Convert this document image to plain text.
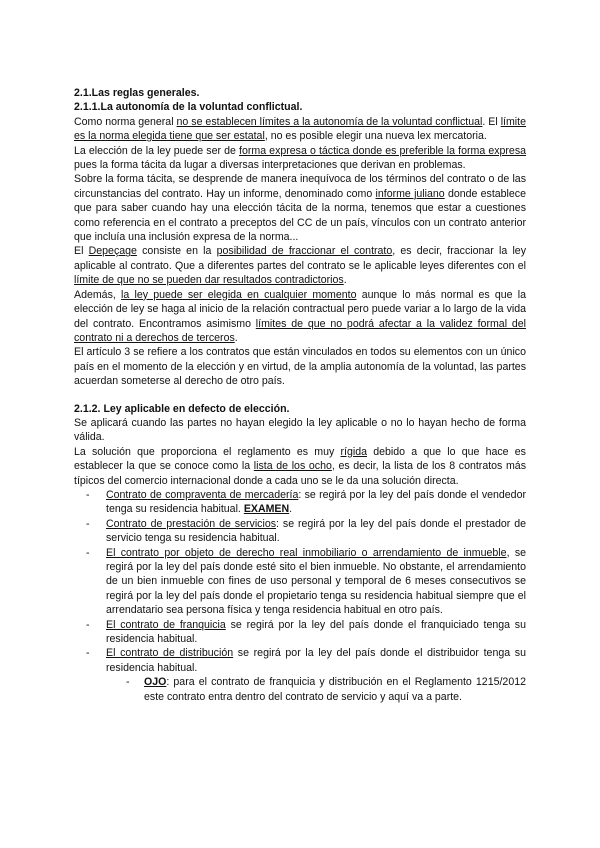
2.1.Las reglas generales.

2.1.1.La autonomía de la voluntad conflictual.

Como norma general no se establecen límites a la autonomía de la voluntad conflictual. El límite es la norma elegida tiene que ser estatal, no es posible elegir una nueva lex mercatoria.

La elección de la ley puede ser de forma expresa o táctica donde es preferible la forma expresa pues la forma tácita da lugar a diversas interpretaciones que derivan en problemas.

Sobre la forma tácita, se desprende de manera inequívoca de los términos del contrato o de las circunstancias del contrato. Hay un informe, denominado como informe juliano donde establece que para saber cuando hay una elección tácita de la norma, tenemos que estar a cuestiones como referencia en el contrato a preceptos del CC de un país, vínculos con un contrato anterior que incluía una inclusión expresa de la norma...

El Depeçage consiste en la posibilidad de fraccionar el contrato, es decir, fraccionar la ley aplicable al contrato. Que a diferentes partes del contrato se le aplicable leyes diferentes con el límite de que no se pueden dar resultados contradictorios.

Además, la ley puede ser elegida en cualquier momento aunque lo más normal es que la elección de ley se haga al inicio de la relación contractual pero puede variar a lo largo de la vida del contrato. Encontramos asimismo límites de que no podrá afectar a la validez formal del contrato ni a derechos de terceros.

El artículo 3 se refiere a los contratos que están vinculados en todos su elementos con un único país en el momento de la elección y en virtud, de la amplia autonomía de la voluntad, las partes acuerdan someterse al derecho de otro país.

2.1.2. Ley aplicable en defecto de elección.

Se aplicará cuando las partes no hayan elegido la ley aplicable o no lo hayan hecho de forma válida.

La solución que proporciona el reglamento es muy rígida debido a que lo que hace es establecer la que se conoce como la lista de los ocho, es decir, la lista de los 8 contratos más típicos del comercio internacional donde a cada uno se le da una solución directa.

- Contrato de compraventa de mercadería: se regirá por la ley del país donde el vendedor tenga su residencia habitual. EXAMEN.
- Contrato de prestación de servicios: se regirá por la ley del país donde el prestador de servicio tenga su residencia habitual.
- El contrato por objeto de derecho real inmobiliario o arrendamiento de inmueble, se regirá por la ley del país donde esté sito el bien inmueble. No obstante, el arrendamiento de un bien inmueble con fines de uso personal y temporal de 6 meses consecutivos se regirá por la ley del país donde el propietario tenga su residencia habitual siempre que el arrendatario sea persona física y tenga residencia habitual en otro país.
- El contrato de franquicia se regirá por la ley del país donde el franquiciado tenga su residencia habitual.
- El contrato de distribución se regirá por la ley del país donde el distribuidor tenga su residencia habitual.
- OJO: para el contrato de franquicia y distribución en el Reglamento 1215/2012 este contrato entra dentro del contrato de servicio y aquí va a parte.
